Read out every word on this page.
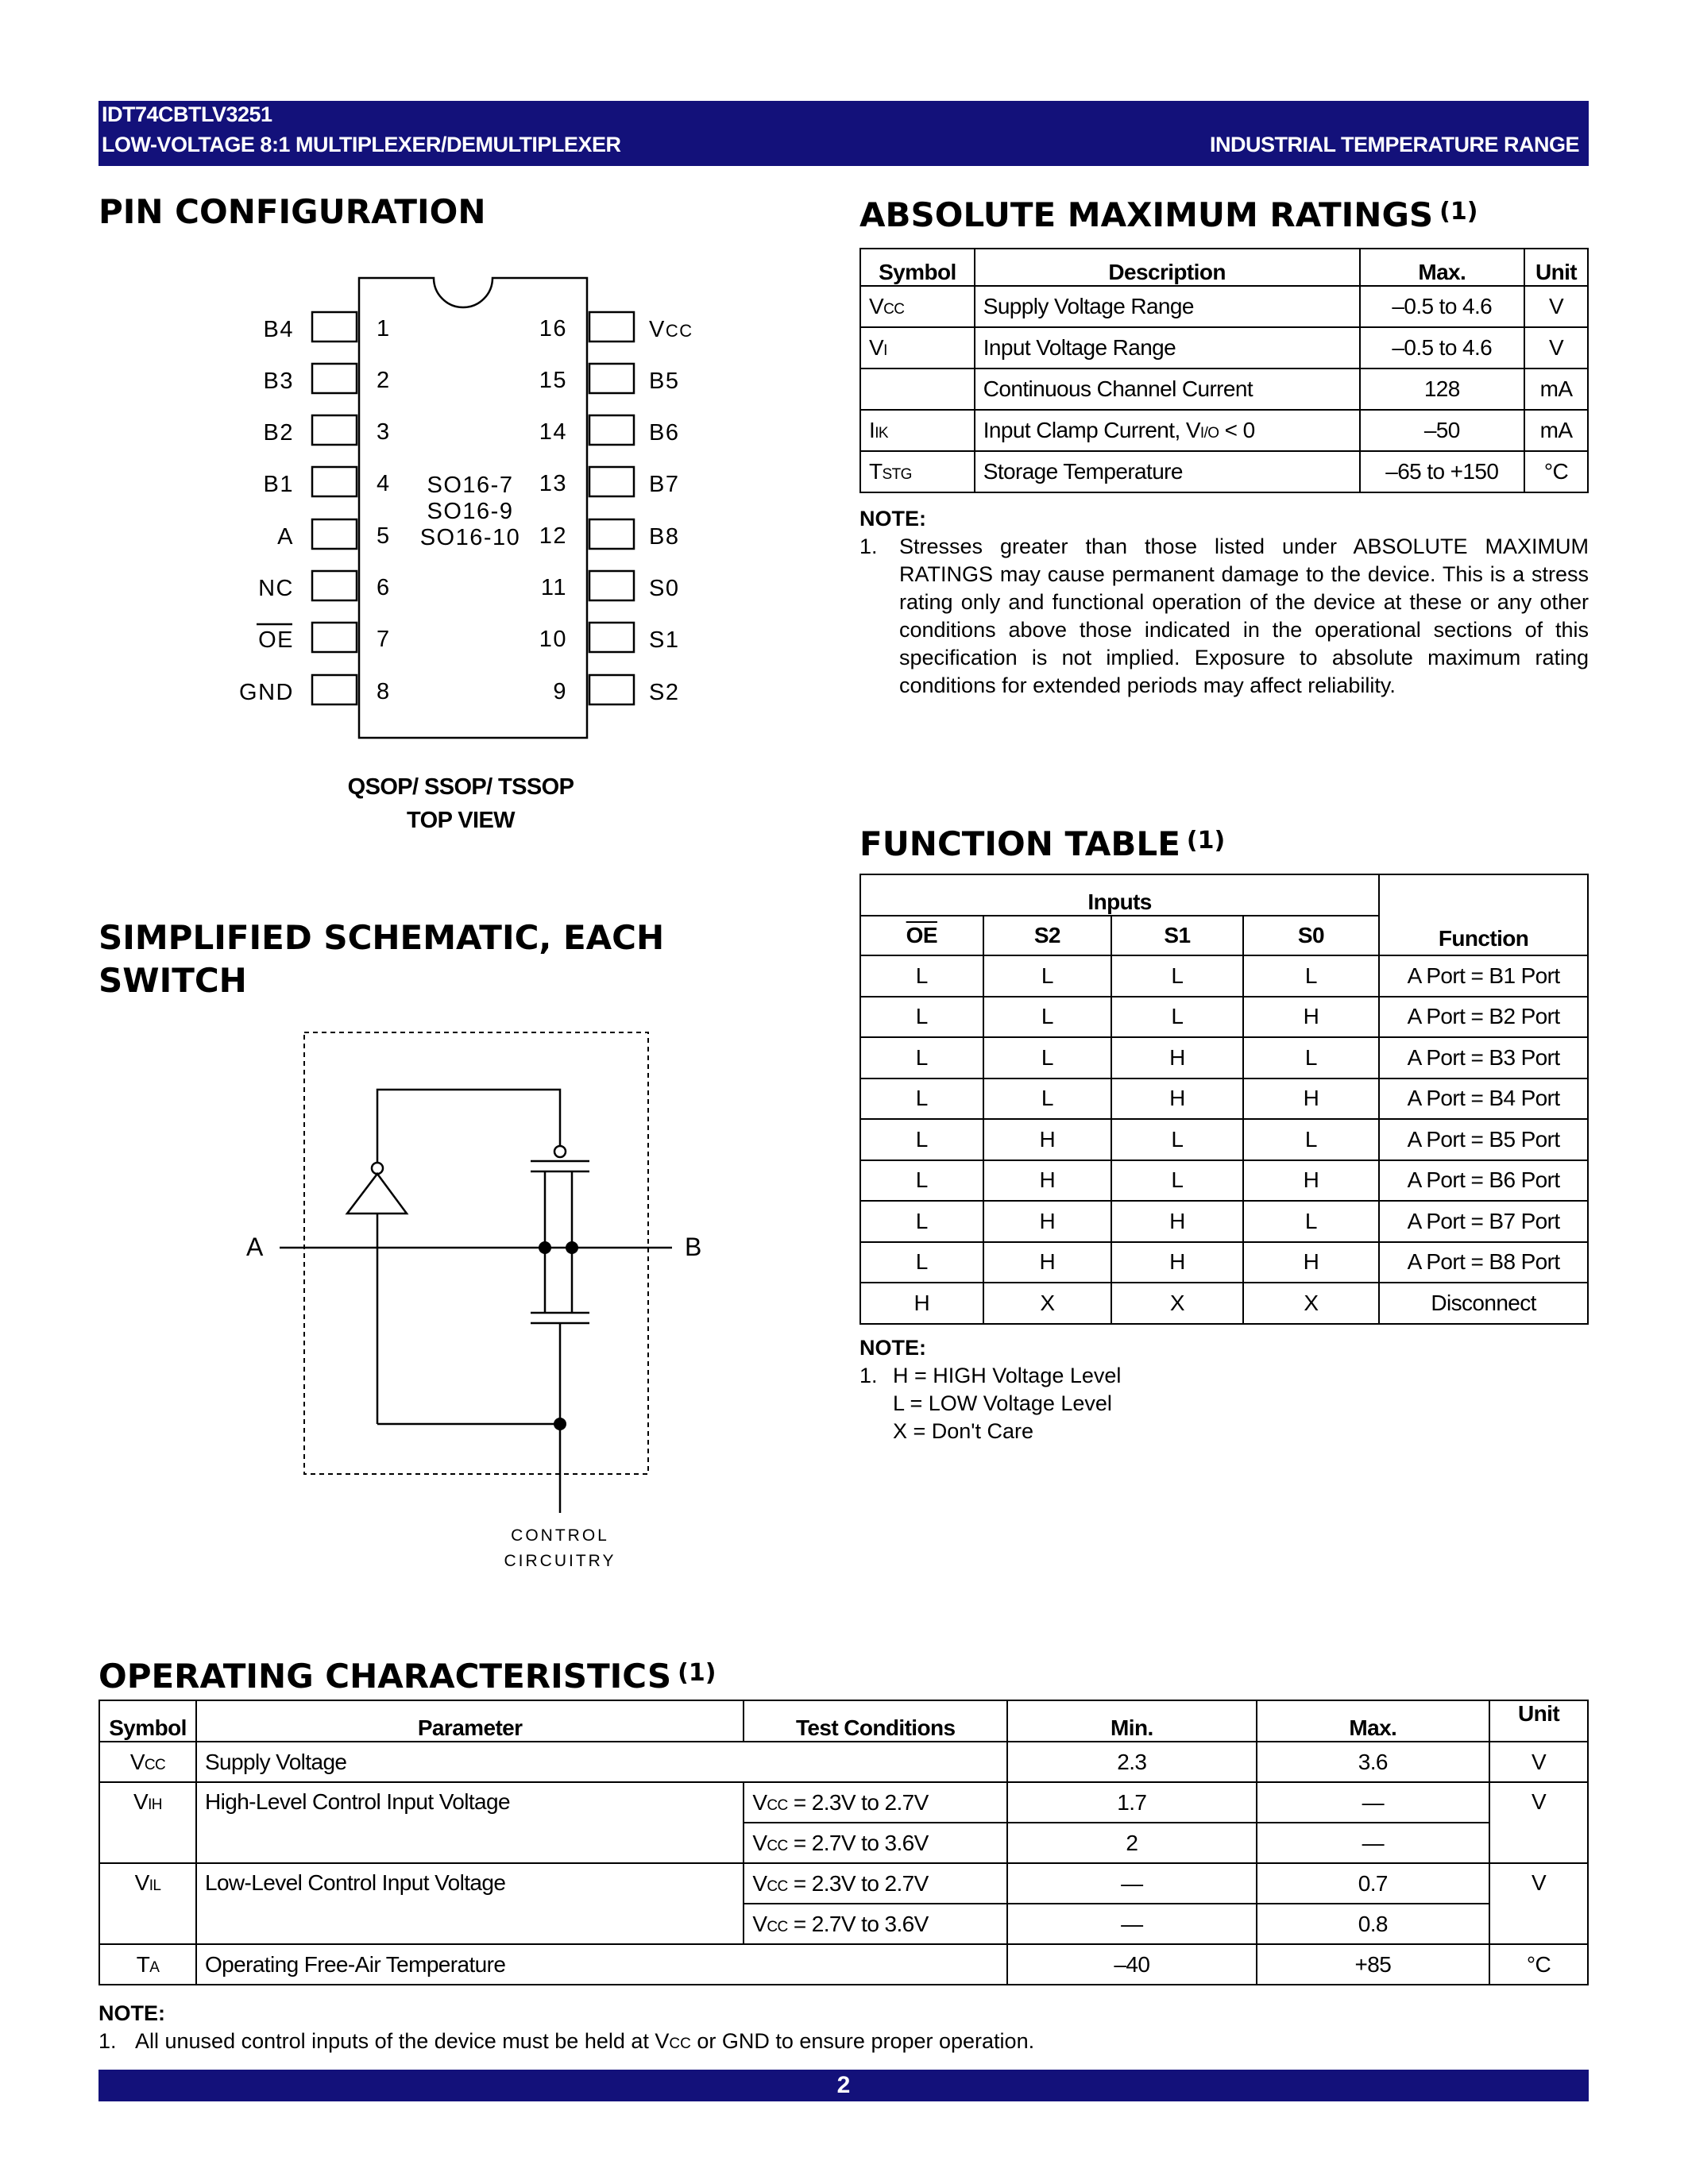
IDT74CBTLV3251
LOW-VOLTAGE 8:1 MULTIPLEXER/DEMULTIPLEXER	INDUSTRIAL TEMPERATURE RANGE
PIN CONFIGURATION
1
B4
2
B3
3
B2
4
B1
5
A
6
NC
7
OE
8
GND
16	VCC
15	B5
14	B6
13	B7
12	B8
11	S0
10	S1
9	S2
SO16-7
SO16-9
SO16-10
QSOP/ SSOP/ TSSOP
TOP VIEW
SIMPLIFIED SCHEMATIC, EACH
SWITCH
A	B
CONTROL
CIRCUITRY
ABSOLUTE MAXIMUM RATINGS $^{(1)}$
Symbol	Description	Max.	Unit
VCC	Supply Voltage Range	–0.5 to 4.6	V
VI	Input Voltage Range	–0.5 to 4.6	V
	Continuous Channel Current	128	mA
IIK	Input Clamp Current, VI/O < 0	–50	mA
TSTG	Storage Temperature	–65 to +150	°C
NOTE:
1.	Stresses greater than those listed under ABSOLUTE MAXIMUM RATINGS may cause permanent damage to the device. This is a stress rating only and functional operation of the device at these or any other conditions above those indicated in the operational sections of this specification is not implied. Exposure to absolute maximum rating conditions for extended periods may affect reliability.
FUNCTION TABLE $^{(1)}$
Inputs				Function
$\overline{OE}$	S2	S1	S0	
L	L	L	L	A Port = B1 Port
L	L	L	H	A Port = B2 Port
L	L	H	L	A Port = B3 Port
L	L	H	H	A Port = B4 Port
L	H	L	L	A Port = B5 Port
L	H	L	H	A Port = B6 Port
L	H	H	L	A Port = B7 Port
L	H	H	H	A Port = B8 Port
H	X	X	X	Disconnect
NOTE:
1. H = HIGH Voltage Level
L = LOW Voltage Level
X = Don't Care
OPERATING CHARACTERISTICS $^{(1)}$
Symbol	Parameter	Test Conditions	Min.	Max.	Unit
VCC	Supply Voltage		2.3	3.6	V
VIH	High-Level Control Input Voltage	VCC = 2.3V to 2.7V	1.7	—	V
		VCC = 2.7V to 3.6V	2	—	
VIL	Low-Level Control Input Voltage	VCC = 2.3V to 2.7V	—	0.7	V
		VCC = 2.7V to 3.6V	—	0.8	
TA	Operating Free-Air Temperature		–40	+85	°C
NOTE:
1. All unused control inputs of the device must be held at VCC or GND to ensure proper operation.
2
